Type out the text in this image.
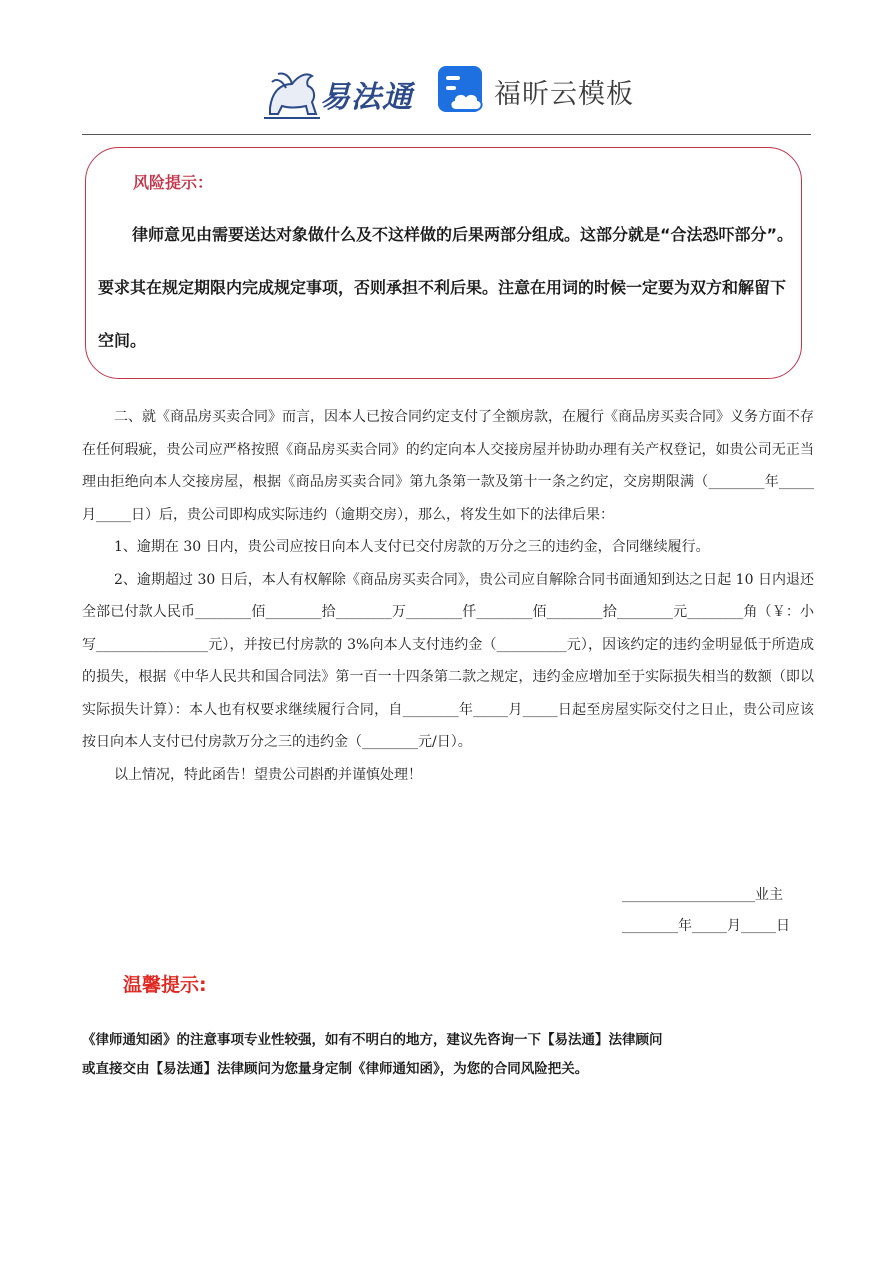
易法通	福昕云模板
风险提示：
律师意见由需要送达对象做什么及不这样做的后果两部分组成。这部分就是“合法恐吓部分”。要求其在规定期限内完成规定事项，否则承担不利后果。注意在用词的时候一定要为双方和解留下空间。

二、就《商品房买卖合同》而言，因本人已按合同约定支付了全额房款，在履行《商品房买卖合同》义务方面不存在任何瑕疵，贵公司应严格按照《商品房买卖合同》的约定向本人交接房屋并协助办理有关产权登记，如贵公司无正当理由拒绝向本人交接房屋，根据《商品房买卖合同》第九条第一款及第十一条之约定，交房期限满（________年_____月_____日）后，贵公司即构成实际违约（逾期交房），那么，将发生如下的法律后果：

1、逾期在 30 日内，贵公司应按日向本人支付已交付房款的万分之三的违约金，合同继续履行。

2、逾期超过 30 日后，本人有权解除《商品房买卖合同》，贵公司应自解除合同书面通知到达之日起 10 日内退还全部已付款人民币________佰________拾________万________仟________佰________拾________元________角（￥：小写________________元），并按已付房款的 3%向本人支付违约金（__________元），因该约定的违约金明显低于所造成的损失，根据《中华人民共和国合同法》第一百一十四条第二款之规定，违约金应增加至于实际损失相当的数额（即以实际损失计算）：本人也有权要求继续履行合同，自________年_____月_____日起至房屋实际交付之日止，贵公司应该按日向本人支付已付房款万分之三的违约金（________元/日）。

以上情况，特此函告！望贵公司斟酌并谨慎处理！

___________________业主
________年_____月_____日
温馨提示:
《律师通知函》的注意事项专业性较强，如有不明白的地方，建议先咨询一下【易法通】法律顾问
或直接交由【易法通】法律顾问为您量身定制《律师通知函》，为您的合同风险把关。
